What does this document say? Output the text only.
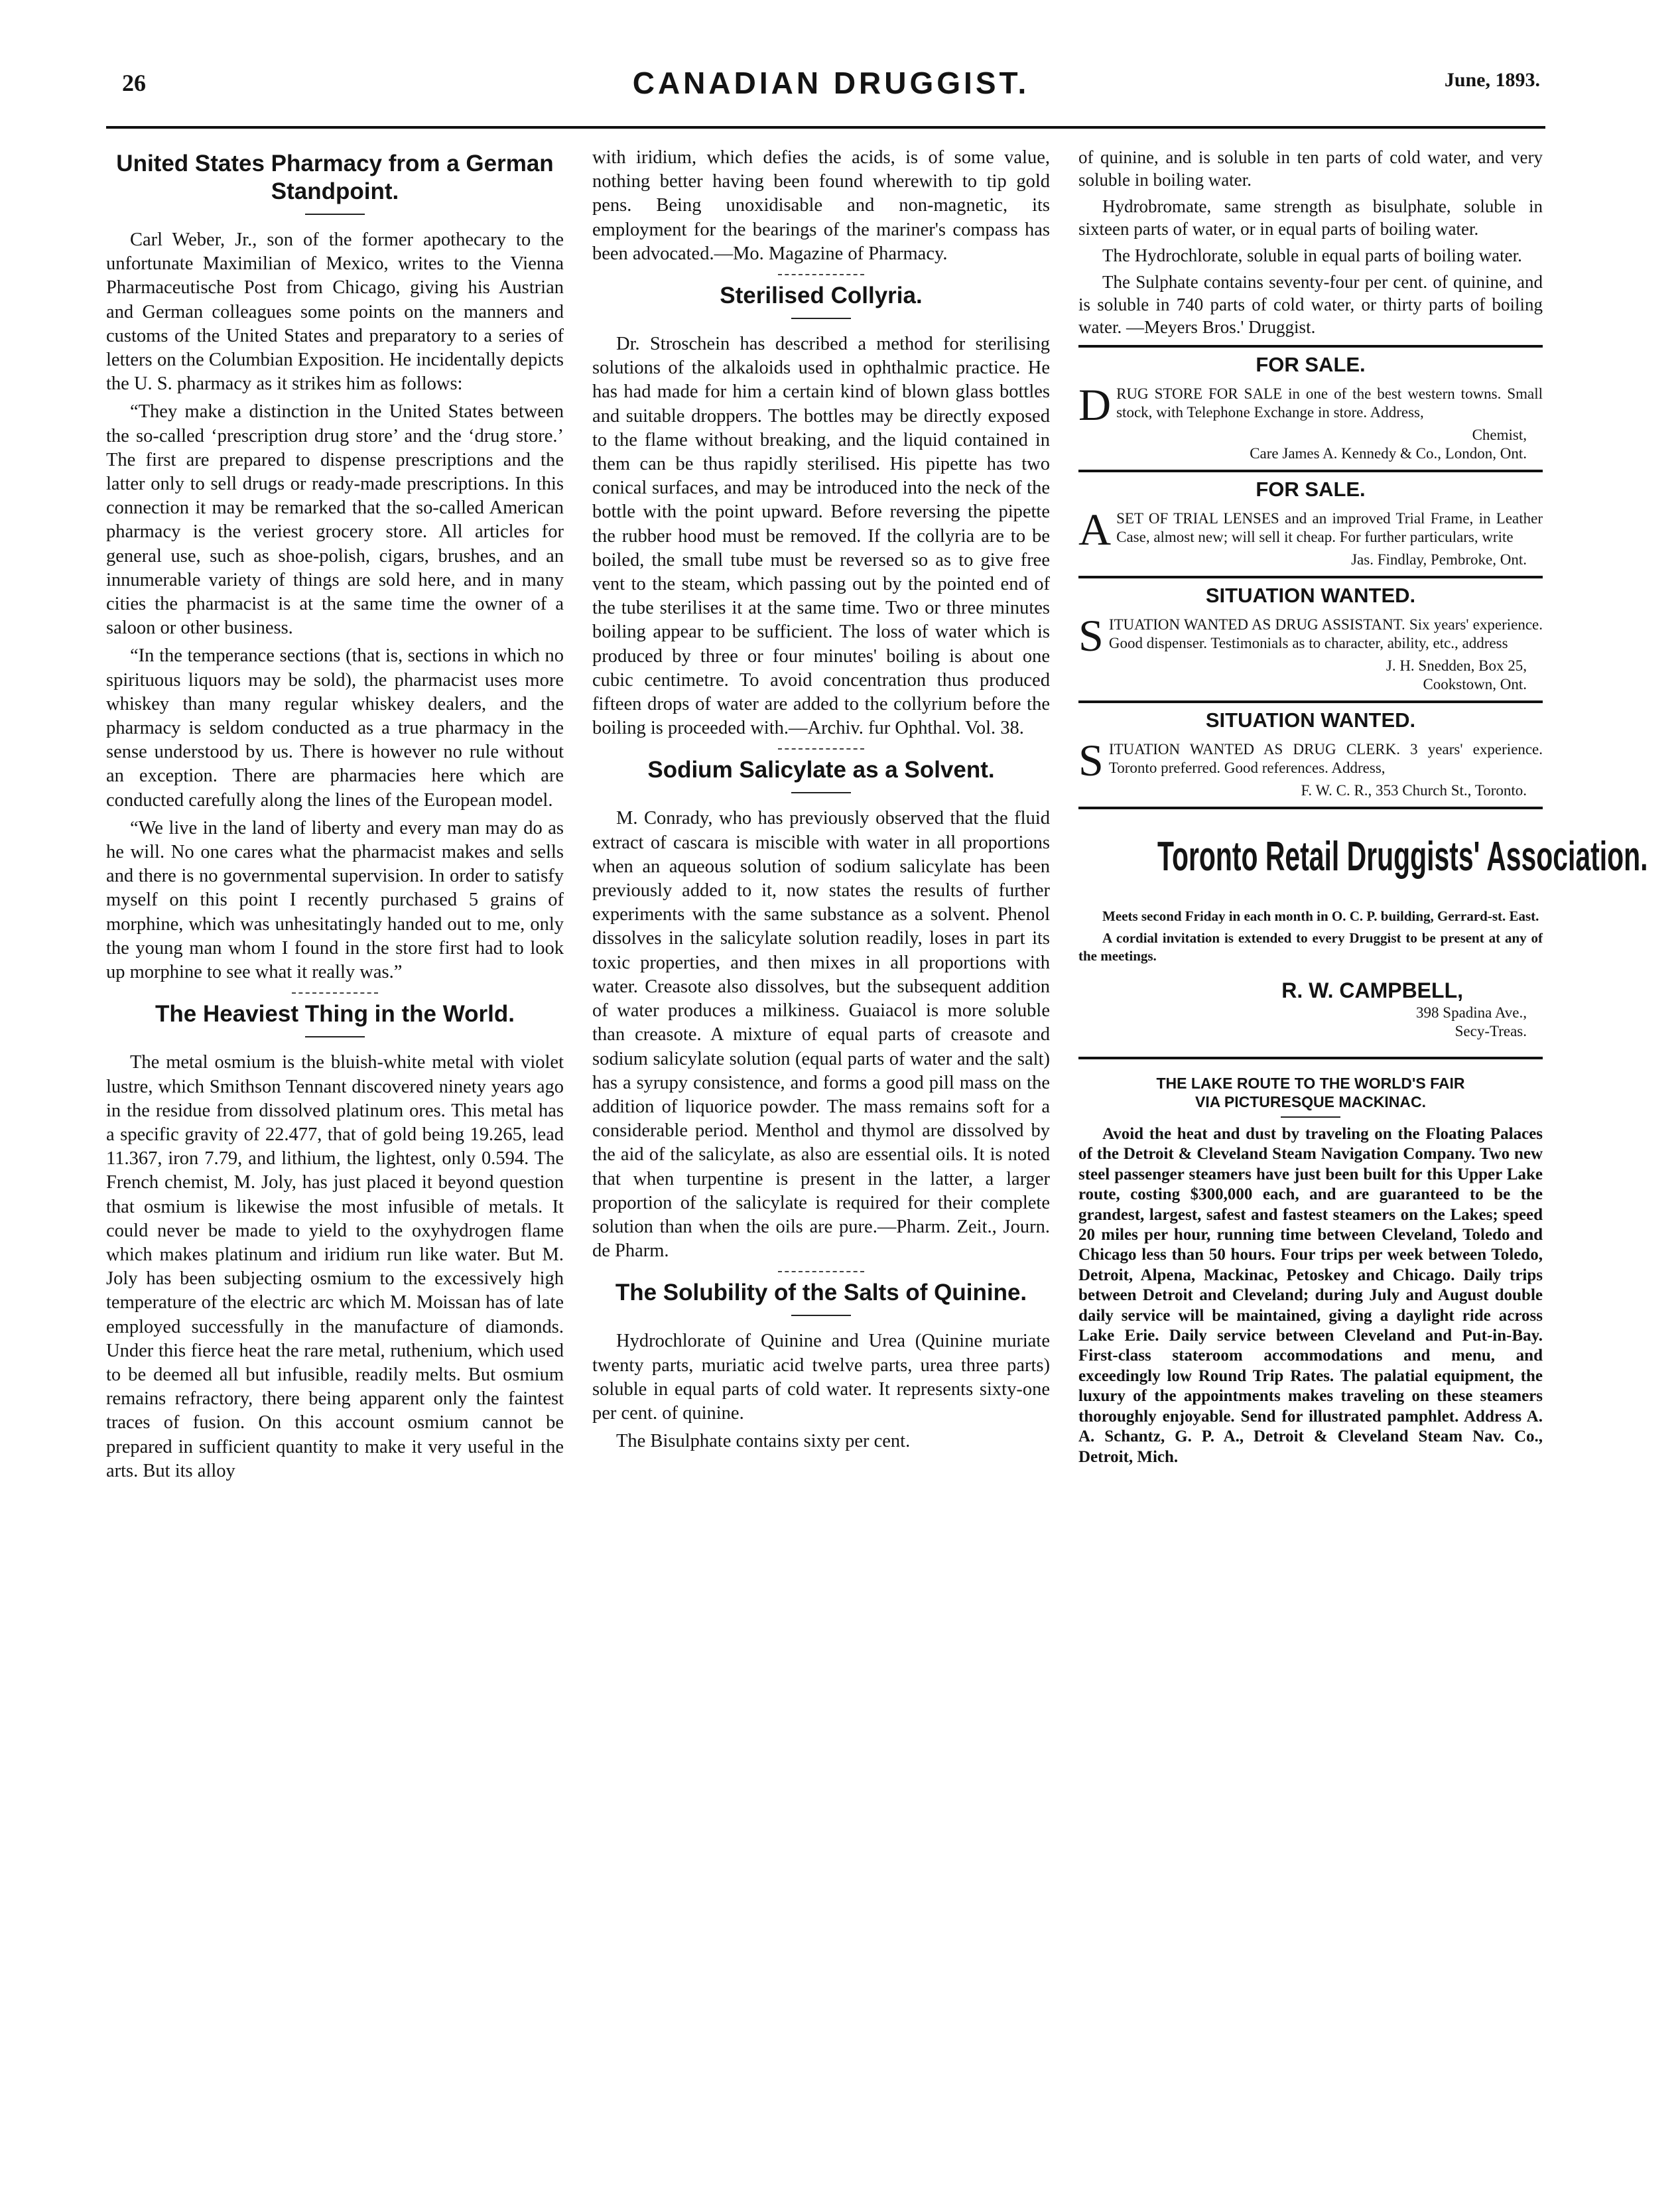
26	CANADIAN DRUGGIST.	June, 1893.
United States Pharmacy from a German Standpoint.

Carl Weber, Jr., son of the former apothecary to the unfortunate Maximilian of Mexico, writes to the Vienna Pharmaceutische Post from Chicago, giving his Austrian and German colleagues some points on the manners and customs of the United States and preparatory to a series of letters on the Columbian Exposition. He incidentally depicts the U. S. pharmacy as it strikes him as follows:

“They make a distinction in the United States between the so-called ‘prescription drug store’ and the ‘drug store.’ The first are prepared to dispense prescriptions and the latter only to sell drugs or ready-made prescriptions. In this connection it may be remarked that the so-called American pharmacy is the veriest grocery store. All articles for general use, such as shoe-polish, cigars, brushes, and an innumerable variety of things are sold here, and in many cities the pharmacist is at the same time the owner of a saloon or other business.

“In the temperance sections (that is, sections in which no spirituous liquors may be sold), the pharmacist uses more whiskey than many regular whiskey dealers, and the pharmacy is seldom conducted as a true pharmacy in the sense understood by us. There is however no rule without an exception. There are pharmacies here which are conducted carefully along the lines of the European model.

“We live in the land of liberty and every man may do as he will. No one cares what the pharmacist makes and sells and there is no governmental supervision. In order to satisfy myself on this point I recently purchased 5 grains of morphine, which was unhesitatingly handed out to me, only the young man whom I found in the store first had to look up morphine to see what it really was.”

The Heaviest Thing in the World.

The metal osmium is the bluish-white metal with violet lustre, which Smithson Tennant discovered ninety years ago in the residue from dissolved platinum ores. This metal has a specific gravity of 22.477, that of gold being 19.265, lead 11.367, iron 7.79, and lithium, the lightest, only 0.594. The French chemist, M. Joly, has just placed it beyond question that osmium is likewise the most infusible of metals. It could never be made to yield to the oxyhydrogen flame which makes platinum and iridium run like water. But M. Joly has been subjecting osmium to the excessively high temperature of the electric arc which M. Moissan has of late employed successfully in the manufacture of diamonds. Under this fierce heat the rare metal, ruthenium, which used to be deemed all but infusible, readily melts. But osmium remains refractory, there being apparent only the faintest traces of fusion. On this account osmium cannot be prepared in sufficient quantity to make it very useful in the arts. But its alloy

with iridium, which defies the acids, is of some value, nothing better having been found wherewith to tip gold pens. Being unoxidisable and non-magnetic, its employment for the bearings of the mariner's compass has been advocated.—Mo. Magazine of Pharmacy.

Sterilised Collyria.

Dr. Stroschein has described a method for sterilising solutions of the alkaloids used in ophthalmic practice. He has had made for him a certain kind of blown glass bottles and suitable droppers. The bottles may be directly exposed to the flame without breaking, and the liquid contained in them can be thus rapidly sterilised. His pipette has two conical surfaces, and may be introduced into the neck of the bottle with the point upward. Before reversing the pipette the rubber hood must be removed. If the collyria are to be boiled, the small tube must be reversed so as to give free vent to the steam, which passing out by the pointed end of the tube sterilises it at the same time. Two or three minutes boiling appear to be sufficient. The loss of water which is produced by three or four minutes' boiling is about one cubic centimetre. To avoid concentration thus produced fifteen drops of water are added to the collyrium before the boiling is proceeded with.—Archiv. fur Ophthal. Vol. 38.

Sodium Salicylate as a Solvent.

M. Conrady, who has previously observed that the fluid extract of cascara is miscible with water in all proportions when an aqueous solution of sodium salicylate has been previously added to it, now states the results of further experiments with the same substance as a solvent. Phenol dissolves in the salicylate solution readily, loses in part its toxic properties, and then mixes in all proportions with water. Creasote also dissolves, but the subsequent addition of water produces a milkiness. Guaiacol is more soluble than creasote. A mixture of equal parts of creasote and sodium salicylate solution (equal parts of water and the salt) has a syrupy consistence, and forms a good pill mass on the addition of liquorice powder. The mass remains soft for a considerable period. Menthol and thymol are dissolved by the aid of the salicylate, as also are essential oils. It is noted that when turpentine is present in the latter, a larger proportion of the salicylate is required for their complete solution than when the oils are pure.—Pharm. Zeit., Journ. de Pharm.

The Solubility of the Salts of Quinine.

Hydrochlorate of Quinine and Urea (Quinine muriate twenty parts, muriatic acid twelve parts, urea three parts) soluble in equal parts of cold water. It represents sixty-one per cent. of quinine.

The Bisulphate contains sixty per cent.

of quinine, and is soluble in ten parts of cold water, and very soluble in boiling water.

Hydrobromate, same strength as bisulphate, soluble in sixteen parts of water, or in equal parts of boiling water.

The Hydrochlorate, soluble in equal parts of boiling water.

The Sulphate contains seventy-four per cent. of quinine, and is soluble in 740 parts of cold water, or thirty parts of boiling water. —Meyers Bros.' Druggist.

FOR SALE.

DRUG STORE FOR SALE in one of the best western towns. Small stock, with Telephone Exchange in store. Address,

Chemist,
Care James A. Kennedy & Co., London, Ont.
FOR SALE.

ASET OF TRIAL LENSES and an improved Trial Frame, in Leather Case, almost new; will sell it cheap. For further particulars, write

Jas. Findlay, Pembroke, Ont.
SITUATION WANTED.

SITUATION WANTED AS DRUG ASSISTANT. Six years' experience. Good dispenser. Testimonials as to character, ability, etc., address

J. H. Snedden, Box 25,
Cookstown, Ont.
SITUATION WANTED.

SITUATION WANTED AS DRUG CLERK. 3 years' experience. Toronto preferred. Good references. Address,

F. W. C. R., 353 Church St., Toronto.
Toronto Retail Druggists' Association.

Meets second Friday in each month in O. C. P. building, Gerrard-st. East.

A cordial invitation is extended to every Druggist to be present at any of the meetings.

R. W. CAMPBELL,

398 Spadina Ave.,
Secy-Treas.
THE LAKE ROUTE TO THE WORLD'S FAIR
VIA PICTURESQUE MACKINAC.

Avoid the heat and dust by traveling on the Floating Palaces of the Detroit & Cleveland Steam Navigation Company. Two new steel passenger steamers have just been built for this Upper Lake route, costing $300,000 each, and are guaranteed to be the grandest, largest, safest and fastest steamers on the Lakes; speed 20 miles per hour, running time between Cleveland, Toledo and Chicago less than 50 hours. Four trips per week between Toledo, Detroit, Alpena, Mackinac, Petoskey and Chicago. Daily trips between Detroit and Cleveland; during July and August double daily service will be maintained, giving a daylight ride across Lake Erie. Daily service between Cleveland and Put-in-Bay. First-class stateroom accommodations and menu, and exceedingly low Round Trip Rates. The palatial equipment, the luxury of the appointments makes traveling on these steamers thoroughly enjoyable. Send for illustrated pamphlet. Address A. A. Schantz, G. P. A., Detroit & Cleveland Steam Nav. Co., Detroit, Mich.
